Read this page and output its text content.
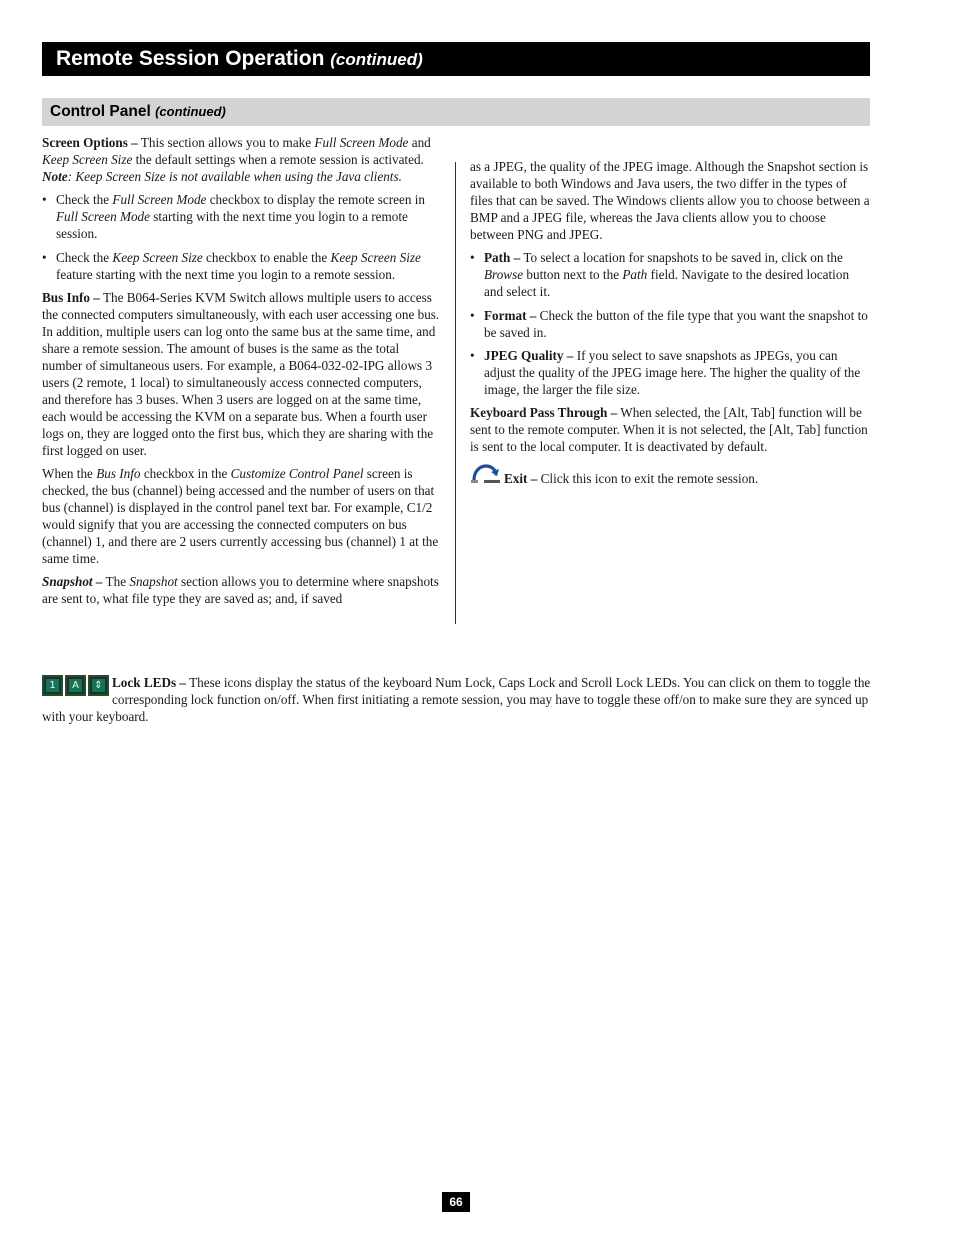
Remote Session Operation (continued)
Control Panel (continued)

Screen Options – This section allows you to make Full Screen Mode and Keep Screen Size the default settings when a remote session is activated. Note: Keep Screen Size is not available when using the Java clients.

• Check the Full Screen Mode checkbox to display the remote screen in Full Screen Mode starting with the next time you login to a remote session.
• Check the Keep Screen Size checkbox to enable the Keep Screen Size feature starting with the next time you login to a remote session.

Bus Info – The B064-Series KVM Switch allows multiple users to access the connected computers simultaneously, with each user accessing one bus. In addition, multiple users can log onto the same bus at the same time, and share a remote session. The amount of buses is the same as the total number of simultaneous users. For example, a B064-032-02-IPG allows 3 users (2 remote, 1 local) to simultaneously access connected computers, and therefore has 3 buses. When 3 users are logged on at the same time, each would be accessing the KVM on a separate bus. When a fourth user logs on, they are logged onto the first bus, which they are sharing with the first logged on user.

When the Bus Info checkbox in the Customize Control Panel screen is checked, the bus (channel) being accessed and the number of users on that bus (channel) is displayed in the control panel text bar. For example, C1/2 would signify that you are accessing the connected computers on bus (channel) 1, and there are 2 users currently accessing bus (channel) 1 at the same time.

Snapshot – The Snapshot section allows you to determine where snapshots are sent to, what file type they are saved as; and, if saved

as a JPEG, the quality of the JPEG image. Although the Snapshot section is available to both Windows and Java users, the two differ in the types of files that can be saved. The Windows clients allow you to choose between a BMP and a JPEG file, whereas the Java clients allow you to choose between PNG and JPEG.

• Path – To select a location for snapshots to be saved in, click on the Browse button next to the Path field. Navigate to the desired location and select it.
• Format – Check the button of the file type that you want the snapshot to be saved in.
• JPEG Quality – If you select to save snapshots as JPEGs, you can adjust the quality of the JPEG image here. The higher the quality of the image, the larger the file size.

Keyboard Pass Through – When selected, the [Alt, Tab] function will be sent to the remote computer. When it is not selected, the [Alt, Tab] function is sent to the local computer. It is deactivated by default.

Exit – Click this icon to exit the remote session.

1	A	⇕ Lock LEDs – These icons display the status of the keyboard Num Lock, Caps Lock and Scroll Lock LEDs. You can click on them to toggle the corresponding lock function on/off. When first initiating a remote session, you may have to toggle these off/on to make sure they are synced up with your keyboard.
66
